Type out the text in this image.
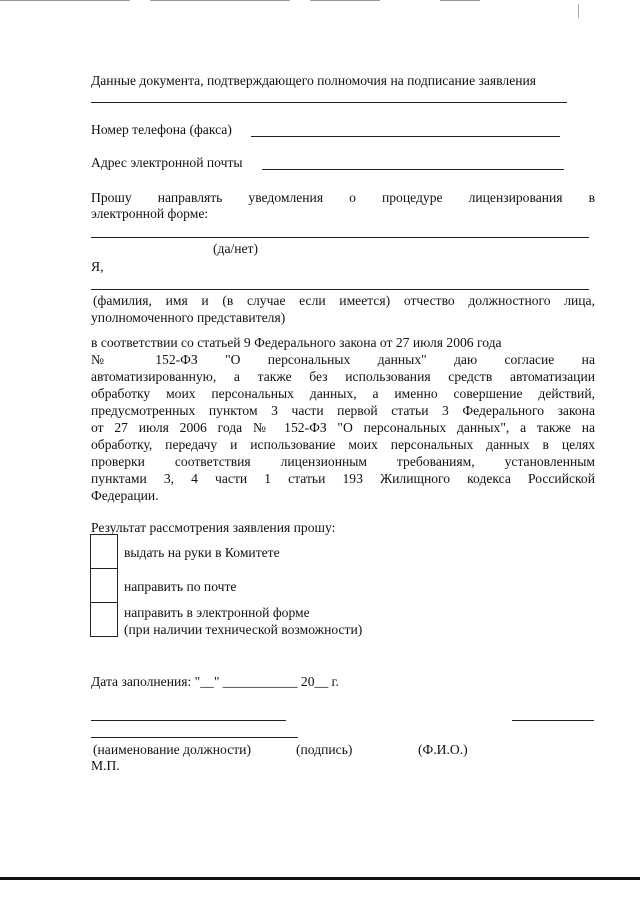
Данные документа, подтверждающего полномочия на подписание заявления
Номер телефона (факса)
Адрес электронной почты
Прошу направлять уведомления о процедуре лицензирования в
электронной форме:
(да/нет)
Я,
(фамилия, имя и (в случае если имеется) отчество должностного лица,
уполномоченного представителя)
в соответствии со статьей 9 Федерального закона от 27 июля 2006 года
№ 152-ФЗ "О персональных данных" даю согласие на
автоматизированную, а также без использования средств автоматизации
обработку моих персональных данных, а именно совершение действий,
предусмотренных пунктом 3 части первой статьи 3 Федерального закона
от 27 июля 2006 года № 152-ФЗ "О персональных данных", а также на
обработку, передачу и использование моих персональных данных в целях
проверки соответствия лицензионным требованиям, установленным
пунктами 3, 4 части 1 статьи 193 Жилищного кодекса Российской
Федерации.
Результат рассмотрения заявления прошу:
выдать на руки в Комитете
направить по почте
направить в электронной форме
(при наличии технической возможности)
Дата заполнения: "__" ___________ 20__ г.
(наименование должности)	(подпись)	(Ф.И.О.)
М.П.
